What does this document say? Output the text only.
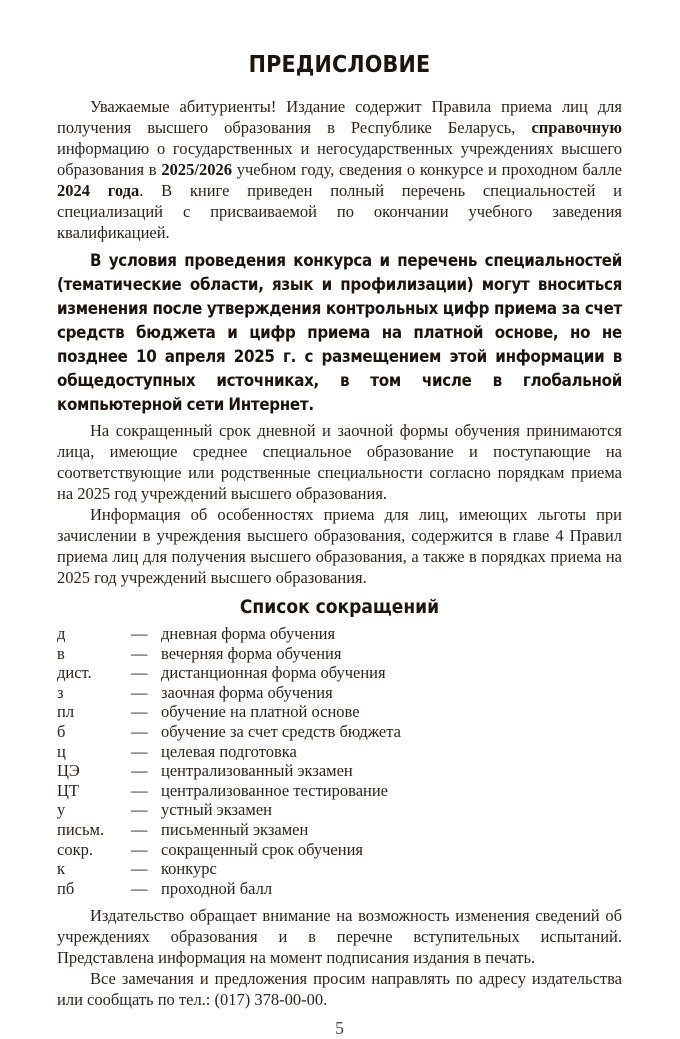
ПРЕДИСЛОВИЕ

Уважаемые абитуриенты! Издание содержит Правила приема лиц для получения высшего образования в Республике Беларусь, справочную информацию о государственных и негосударственных учреждениях высшего образования в 2025/2026 учебном году, сведения о конкурсе и проходном балле 2024 года. В книге приведен полный перечень специальностей и специализаций с присваиваемой по окончании учебного заведения квалификацией.

В условия проведения конкурса и перечень специальностей (тематические области, язык и профилизации) могут вноситься изменения после утверждения контрольных цифр приема за счет средств бюджета и цифр приема на платной основе, но не позднее 10 апреля 2025 г. с размещением этой информации в общедоступных источниках, в том числе в глобальной компьютерной сети Интернет.

На сокращенный срок дневной и заочной формы обучения принимаются лица, имеющие среднее специальное образование и поступающие на соответствующие или родственные специальности согласно порядкам приема на 2025 год учреждений высшего образования.

Информация об особенностях приема для лиц, имеющих льготы при зачислении в учреждения высшего образования, содержится в главе 4 Правил приема лиц для получения высшего образования, а также в порядках приема на 2025 год учреждений высшего образования.

Список сокращений
д	— дневная форма обучения
в	— вечерняя форма обучения
дист.	— дистанционная форма обучения
з	— заочная форма обучения
пл	— обучение на платной основе
б	— обучение за счет средств бюджета
ц	— целевая подготовка
ЦЭ	— централизованный экзамен
ЦТ	— централизованное тестирование
у	— устный экзамен
письм.	— письменный экзамен
сокр.	— сокращенный срок обучения
к	— конкурс
пб	— проходной балл

Издательство обращает внимание на возможность изменения сведений об учреждениях образования и в перечне вступительных испытаний. Представлена информация на момент подписания издания в печать.

Все замечания и предложения просим направлять по адресу издательства или сообщать по тел.: (017) 378-00-00.

5
